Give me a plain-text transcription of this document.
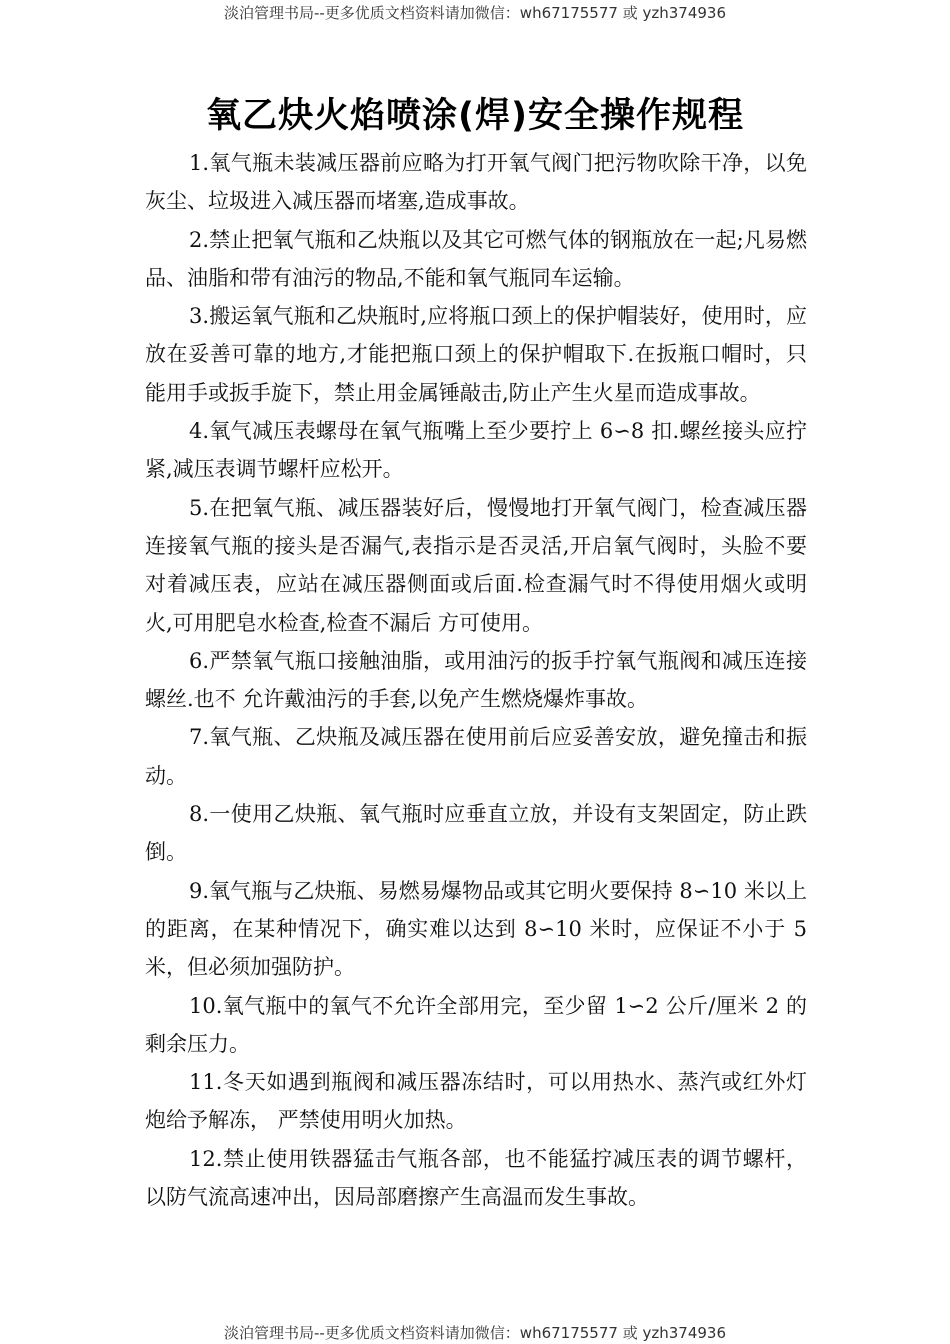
淡泊管理书局--更多优质文档资料请加微信：wh67175577 或 yzh374936
氧乙炔火焰喷涂(焊)安全操作规程

1.氧气瓶未装减压器前应略为打开氧气阀门把污物吹除干净，以免灰尘、垃圾进入减压器而堵塞,造成事故。

2.禁止把氧气瓶和乙炔瓶以及其它可燃气体的钢瓶放在一起;凡易燃品、油脂和带有油污的物品,不能和氧气瓶同车运输。

3.搬运氧气瓶和乙炔瓶时,应将瓶口颈上的保护帽装好，使用时，应放在妥善可靠的地方,才能把瓶口颈上的保护帽取下.在扳瓶口帽时，只能用手或扳手旋下，禁止用金属锤敲击,防止产生火星而造成事故。

4.氧气减压表螺母在氧气瓶嘴上至少要拧上 6∽8 扣.螺丝接头应拧紧,减压表调节螺杆应松开。

5.在把氧气瓶、减压器装好后，慢慢地打开氧气阀门，检查减压器连接氧气瓶的接头是否漏气,表指示是否灵活,开启氧气阀时，头脸不要对着减压表，应站在减压器侧面或后面.检查漏气时不得使用烟火或明火,可用肥皂水检查,检查不漏后 方可使用。

6.严禁氧气瓶口接触油脂，或用油污的扳手拧氧气瓶阀和减压连接螺丝.也不 允许戴油污的手套,以免产生燃烧爆炸事故。

7.氧气瓶、乙炔瓶及减压器在使用前后应妥善安放，避免撞击和振动。

8.一使用乙炔瓶、氧气瓶时应垂直立放，并设有支架固定，防止跌倒。

9.氧气瓶与乙炔瓶、易燃易爆物品或其它明火要保持 8∽10 米以上的距离，在某种情况下，确实难以达到 8∽10 米时，应保证不小于 5 米，但必须加强防护。

10.氧气瓶中的氧气不允许全部用完，至少留 1∽2 公斤/厘米 2 的剩余压力。

11.冬天如遇到瓶阀和减压器冻结时，可以用热水、蒸汽或红外灯炮给予解冻， 严禁使用明火加热。

12.禁止使用铁器猛击气瓶各部，也不能猛拧减压表的调节螺杆，以防气流高速冲出，因局部磨擦产生高温而发生事故。

淡泊管理书局--更多优质文档资料请加微信：wh67175577 或 yzh374936
